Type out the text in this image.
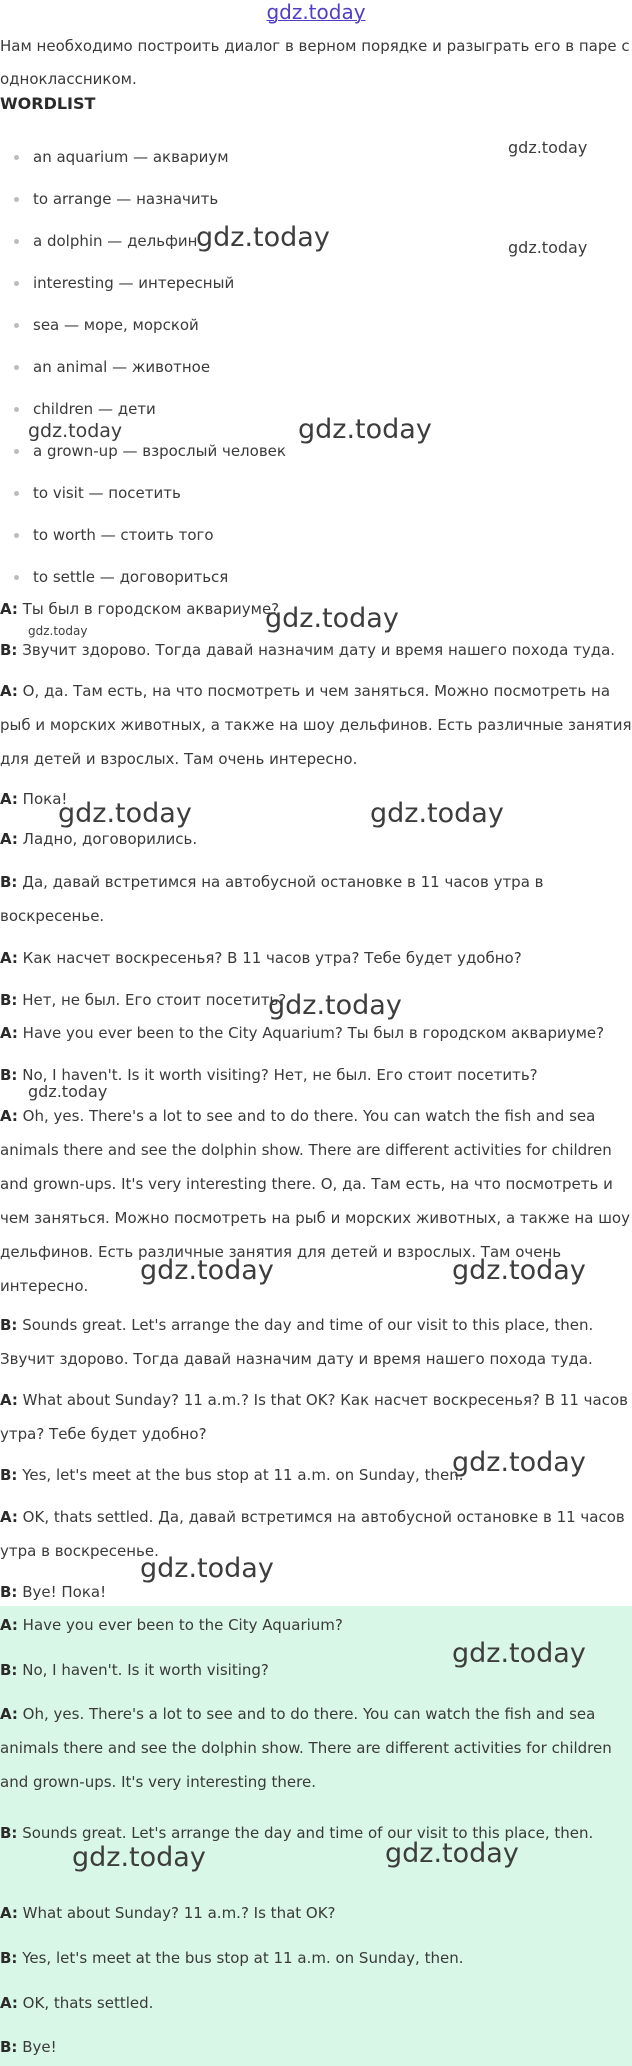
gdz.today

Нам необходимо построить диалог в верном порядке и разыграть его в паре с одноклассником.

WORDLIST
an aquarium — аквариум
to arrange — назначить
a dolphin — дельфин
interesting — интересный
sea — море, морской
an animal — животное
children — дети
a grown-up — взрослый человек
to visit — посетить
to worth — стоить того
to settle — договориться

A: Ты был в городском аквариуме?

B: Звучит здорово. Тогда давай назначим дату и время нашего похода туда.

A: О, да. Там есть, на что посмотреть и чем заняться. Можно посмотреть на рыб и морских животных, а также на шоу дельфинов. Есть различные занятия для детей и взрослых. Там очень интересно.

A: Пока!

A: Ладно, договорились.

B: Да, давай встретимся на автобусной остановке в 11 часов утра в воскресенье.

A: Как насчет воскресенья? В 11 часов утра? Тебе будет удобно?

B: Нет, не был. Его стоит посетить?

A: Have you ever been to the City Aquarium? Ты был в городском аквариуме?

B: No, I haven't. Is it worth visiting? Нет, не был. Его стоит посетить?

A: Oh, yes. There's a lot to see and to do there. You can watch the fish and sea animals there and see the dolphin show. There are different activities for children and grown-ups. It's very interesting there. О, да. Там есть, на что посмотреть и чем заняться. Можно посмотреть на рыб и морских животных, а также на шоу дельфинов. Есть различные занятия для детей и взрослых. Там очень интересно.

B: Sounds great. Let's arrange the day and time of our visit to this place, then. Звучит здорово. Тогда давай назначим дату и время нашего похода туда.

A: What about Sunday? 11 a.m.? Is that OK? Как насчет воскресенья? В 11 часов утра? Тебе будет удобно?

B: Yes, let's meet at the bus stop at 11 a.m. on Sunday, then.

A: OK, thats settled. Да, давай встретимся на автобусной остановке в 11 часов утра в воскресенье.

B: Bye! Пока!

A: Have you ever been to the City Aquarium?

B: No, I haven't. Is it worth visiting?

A: Oh, yes. There's a lot to see and to do there. You can watch the fish and sea animals there and see the dolphin show. There are different activities for children and grown-ups. It's very interesting there.

B: Sounds great. Let's arrange the day and time of our visit to this place, then.

A: What about Sunday? 11 a.m.? Is that OK?

B: Yes, let's meet at the bus stop at 11 a.m. on Sunday, then.

A: OK, thats settled.

B: Bye!

gdz.today
gdz.today	gdz.today
gdz.today	gdz.today
gdz.today	gdz.today
gdz.today	gdz.today
gdz.today
gdz.today
gdz.today	gdz.today
gdz.today
gdz.today
gdz.today
gdz.today	gdz.today
